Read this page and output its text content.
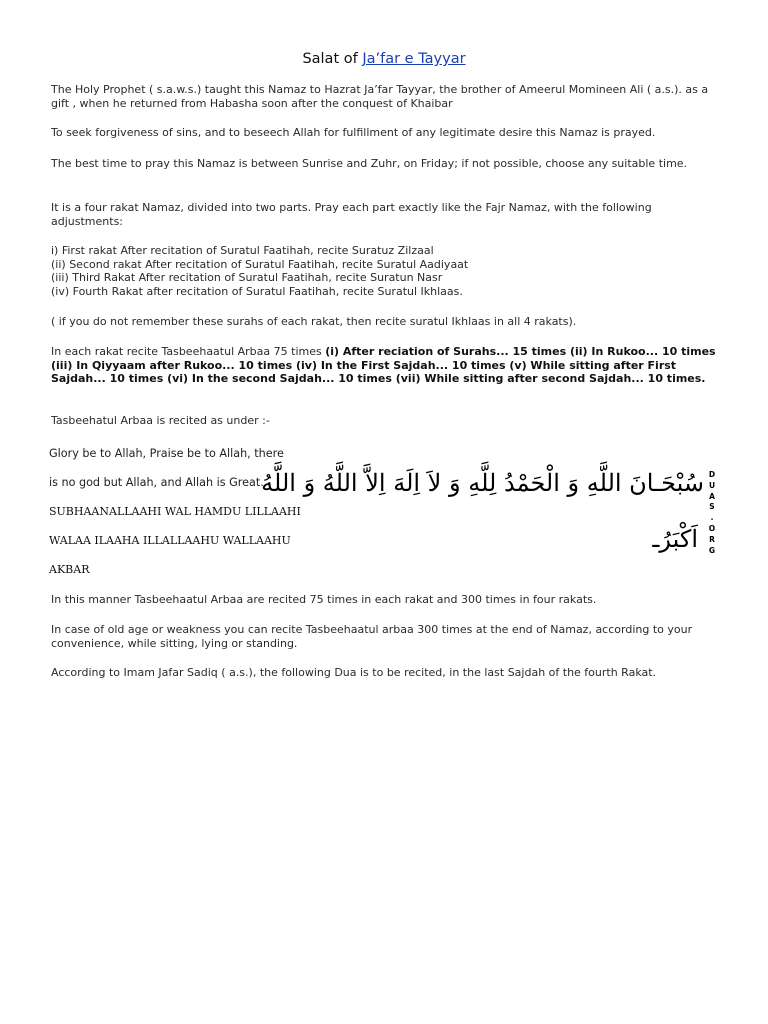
Salat of Ja’far e Tayyar
The Holy Prophet ( s.a.w.s.) taught this Namaz to Hazrat Ja’far Tayyar, the brother of Ameerul Momineen Ali ( a.s.). as a gift , when he returned from Habasha soon after the conquest of Khaibar
To seek forgiveness of sins, and to beseech Allah for fulfillment of any legitimate desire this Namaz is prayed.
The best time to pray this Namaz is between Sunrise and Zuhr, on Friday; if not possible, choose any suitable time.
It is a four rakat Namaz, divided into two parts. Pray each part exactly like the Fajr Namaz, with the following adjustments:
i) First rakat After recitation of Suratul Faatihah, recite Suratuz Zilzaal
(ii) Second rakat After recitation of Suratul Faatihah, recite Suratul Aadiyaat
(iii) Third Rakat After recitation of Suratul Faatihah, recite Suratun Nasr
(iv) Fourth Rakat after recitation of Suratul Faatihah, recite Suratul Ikhlaas.
( if you do not remember these surahs of each rakat, then recite suratul Ikhlaas in all 4 rakats).
In each rakat recite Tasbeehaatul Arbaa 75 times (i) After reciation of Surahs... 15 times (ii) In Rukoo... 10 times (iii) In Qiyyaam after Rukoo... 10 times (iv) In the First Sajdah... 10 times (v) While sitting after First Sajdah... 10 times (vi) In the second Sajdah... 10 times (vii) While sitting after second Sajdah... 10 times.
Tasbeehatul Arbaa is recited as under :-
Glory be to Allah, Praise be to Allah, there
is no god but Allah, and Allah is Great.
SUBHAANALLAAHI WAL HAMDU LILLAAHI
WALAA ILAAHA ILLALLAAHU WALLAAHU
AKBAR
سُبْحَـانَ اللَّهِ وَ الْحَمْدُ لِلَّهِ وَ لاَ اِلَهَ اِلاَّ اللَّهُ وَ اللَّهُ
اَكْبَرُـ
D
U
A
S
.
O
R
G
In this manner Tasbeehaatul Arbaa are recited 75 times in each rakat and 300 times in four rakats.
In case of old age or weakness you can recite Tasbeehaatul arbaa 300 times at the end of Namaz, according to your convenience, while sitting, lying or standing.
According to Imam Jafar Sadiq ( a.s.), the following Dua is to be recited, in the last Sajdah of the fourth Rakat.
